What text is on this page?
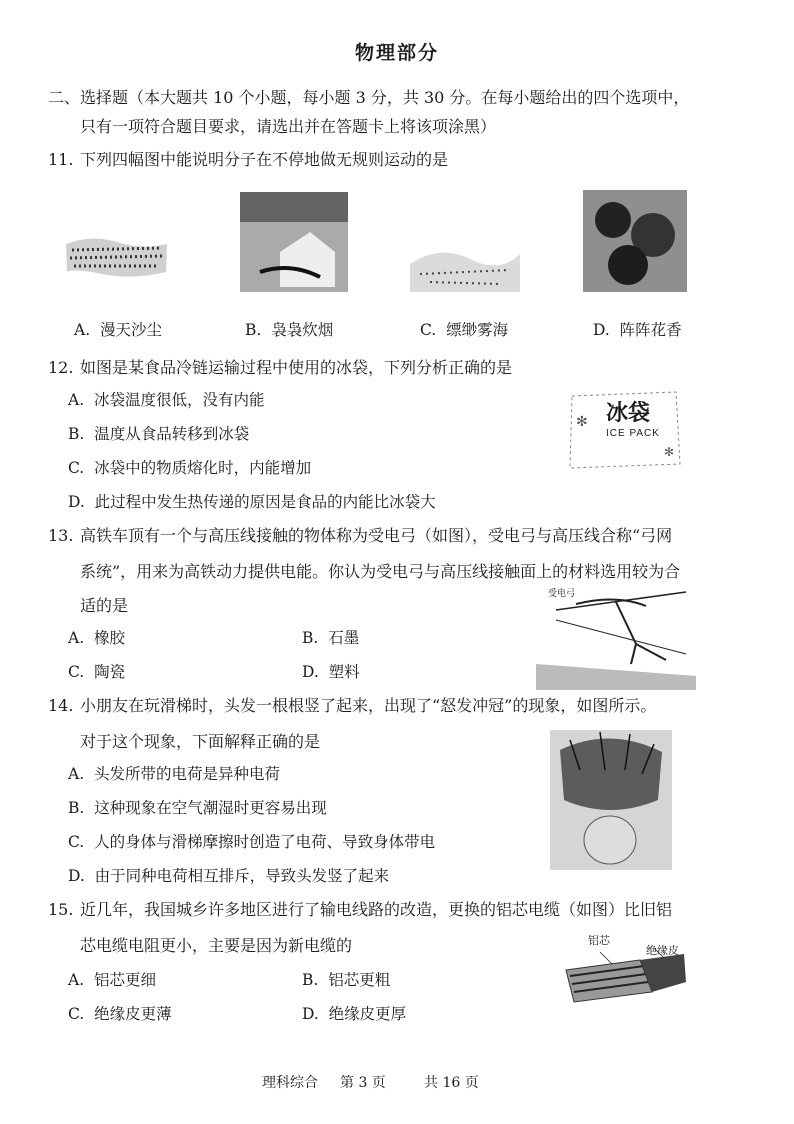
物理部分
二、选择题（本大题共 10 个小题，每小题 3 分，共 30 分。在每小题给出的四个选项中，
只有一项符合题目要求，请选出并在答题卡上将该项涂黑）
11. 下列四幅图中能说明分子在不停地做无规则运动的是
A. 漫天沙尘	B. 袅袅炊烟	C. 缥缈雾海	D. 阵阵花香
12. 如图是某食品冷链运输过程中使用的冰袋，下列分析正确的是
A. 冰袋温度很低，没有内能
B. 温度从食品转移到冰袋
C. 冰袋中的物质熔化时，内能增加
D. 此过程中发生热传递的原因是食品的内能比冰袋大
✻
✻
冰袋
ICE PACK
13. 高铁车顶有一个与高压线接触的物体称为受电弓（如图），受电弓与高压线合称“弓网
系统”，用来为高铁动力提供电能。你认为受电弓与高压线接触面上的材料选用较为合
适的是
A. 橡胶	B. 石墨
C. 陶瓷	D. 塑料
受电弓
14. 小朋友在玩滑梯时，头发一根根竖了起来，出现了“怒发冲冠”的现象，如图所示。
对于这个现象，下面解释正确的是
A. 头发所带的电荷是异种电荷
B. 这种现象在空气潮湿时更容易出现
C. 人的身体与滑梯摩擦时创造了电荷、导致身体带电
D. 由于同种电荷相互排斥，导致头发竖了起来
15. 近几年，我国城乡许多地区进行了输电线路的改造，更换的铝芯电缆（如图）比旧铝
芯电缆电阻更小，主要是因为新电缆的
A. 铝芯更细	B. 铝芯更粗
C. 绝缘皮更薄	D. 绝缘皮更厚
铝芯
绝缘皮
理科综合 第 3 页	共 16 页
